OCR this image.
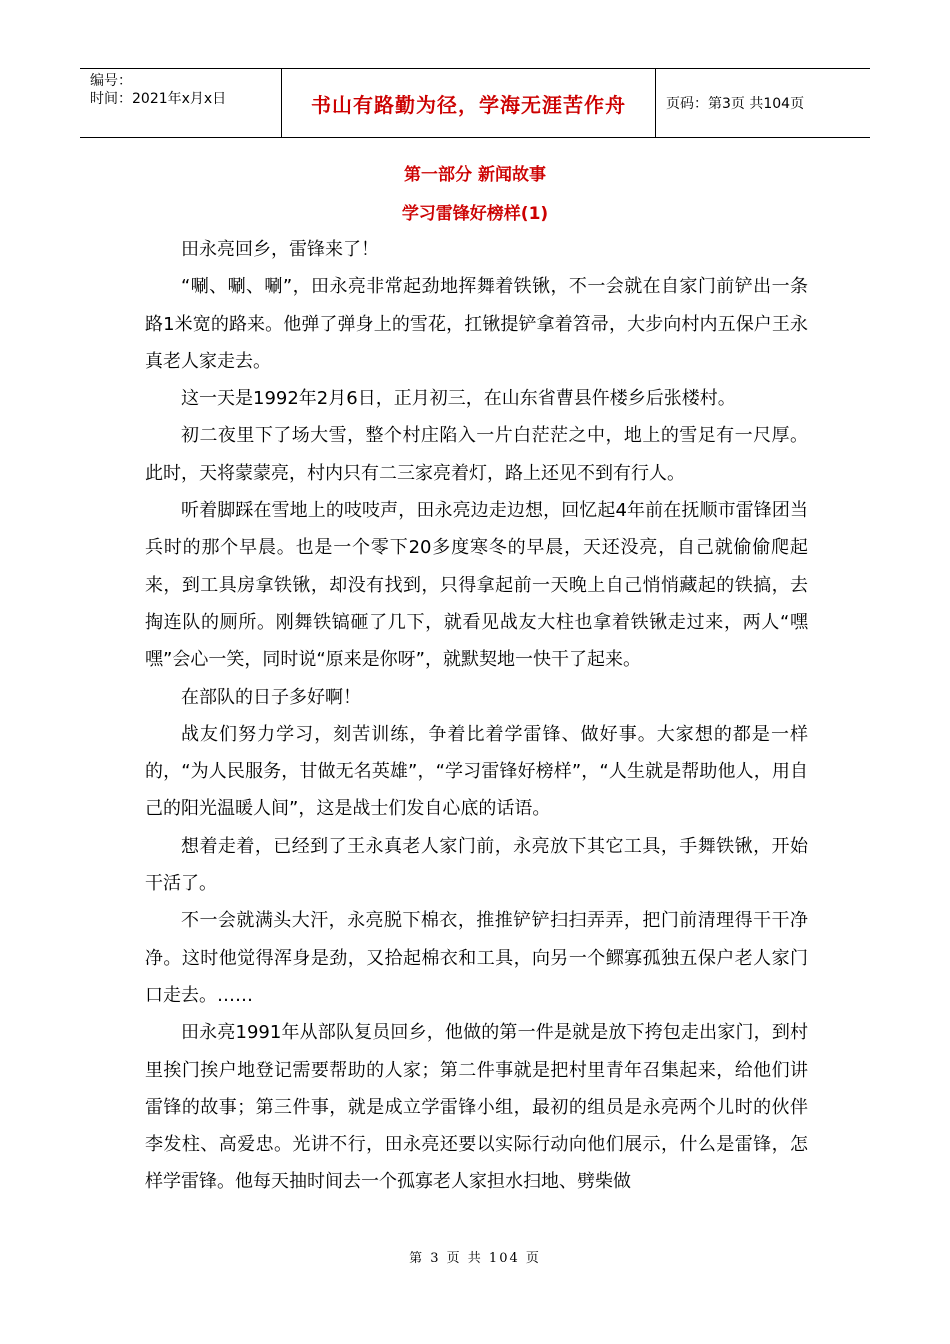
编号：
时间：2021年x月x日	书山有路勤为径，学海无涯苦作舟	页码：第3页 共104页
第一部分 新闻故事
学习雷锋好榜样(1)

田永亮回乡，雷锋来了！

“唰、唰、唰”，田永亮非常起劲地挥舞着铁锹，不一会就在自家门前铲出一条路1米宽的路来。他弹了弹身上的雪花，扛锹提铲拿着笤帚，大步向村内五保户王永真老人家走去。

这一天是1992年2月6日，正月初三，在山东省曹县仵楼乡后张楼村。

初二夜里下了场大雪，整个村庄陷入一片白茫茫之中，地上的雪足有一尺厚。此时，天将蒙蒙亮，村内只有二三家亮着灯，路上还见不到有行人。

听着脚踩在雪地上的吱吱声，田永亮边走边想，回忆起4年前在抚顺市雷锋团当兵时的那个早晨。也是一个零下20多度寒冬的早晨，天还没亮，自己就偷偷爬起来，到工具房拿铁锹，却没有找到，只得拿起前一天晚上自己悄悄藏起的铁搞，去掏连队的厕所。刚舞铁镐砸了几下，就看见战友大柱也拿着铁锹走过来，两人“嘿嘿”会心一笑，同时说“原来是你呀”，就默契地一快干了起来。

在部队的日子多好啊！

战友们努力学习，刻苦训练，争着比着学雷锋、做好事。大家想的都是一样的，“为人民服务，甘做无名英雄”，“学习雷锋好榜样”，“人生就是帮助他人，用自己的阳光温暖人间”，这是战士们发自心底的话语。

想着走着，已经到了王永真老人家门前，永亮放下其它工具，手舞铁锹，开始干活了。

不一会就满头大汗，永亮脱下棉衣，推推铲铲扫扫弄弄，把门前清理得干干净净。这时他觉得浑身是劲，又拾起棉衣和工具，向另一个鳏寡孤独五保户老人家门口走去。……

田永亮1991年从部队复员回乡，他做的第一件是就是放下挎包走出家门，到村里挨门挨户地登记需要帮助的人家；第二件事就是把村里青年召集起来，给他们讲雷锋的故事；第三件事，就是成立学雷锋小组，最初的组员是永亮两个儿时的伙伴李发柱、高爱忠。光讲不行，田永亮还要以实际行动向他们展示，什么是雷锋，怎样学雷锋。他每天抽时间去一个孤寡老人家担水扫地、劈柴做

第 3 页 共 104 页
